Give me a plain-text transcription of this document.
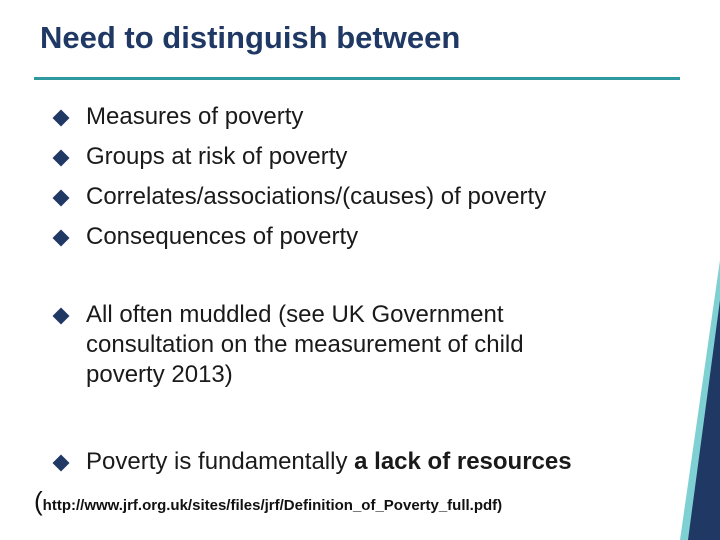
Need to distinguish between
Measures of poverty
Groups at risk of poverty
Correlates/associations/(causes) of poverty
Consequences of poverty
All often muddled (see UK Government consultation on the measurement of child poverty 2013)
Poverty is fundamentally a lack of resources
(http://www.jrf.org.uk/sites/files/jrf/Definition_of_Poverty_full.pdf)
